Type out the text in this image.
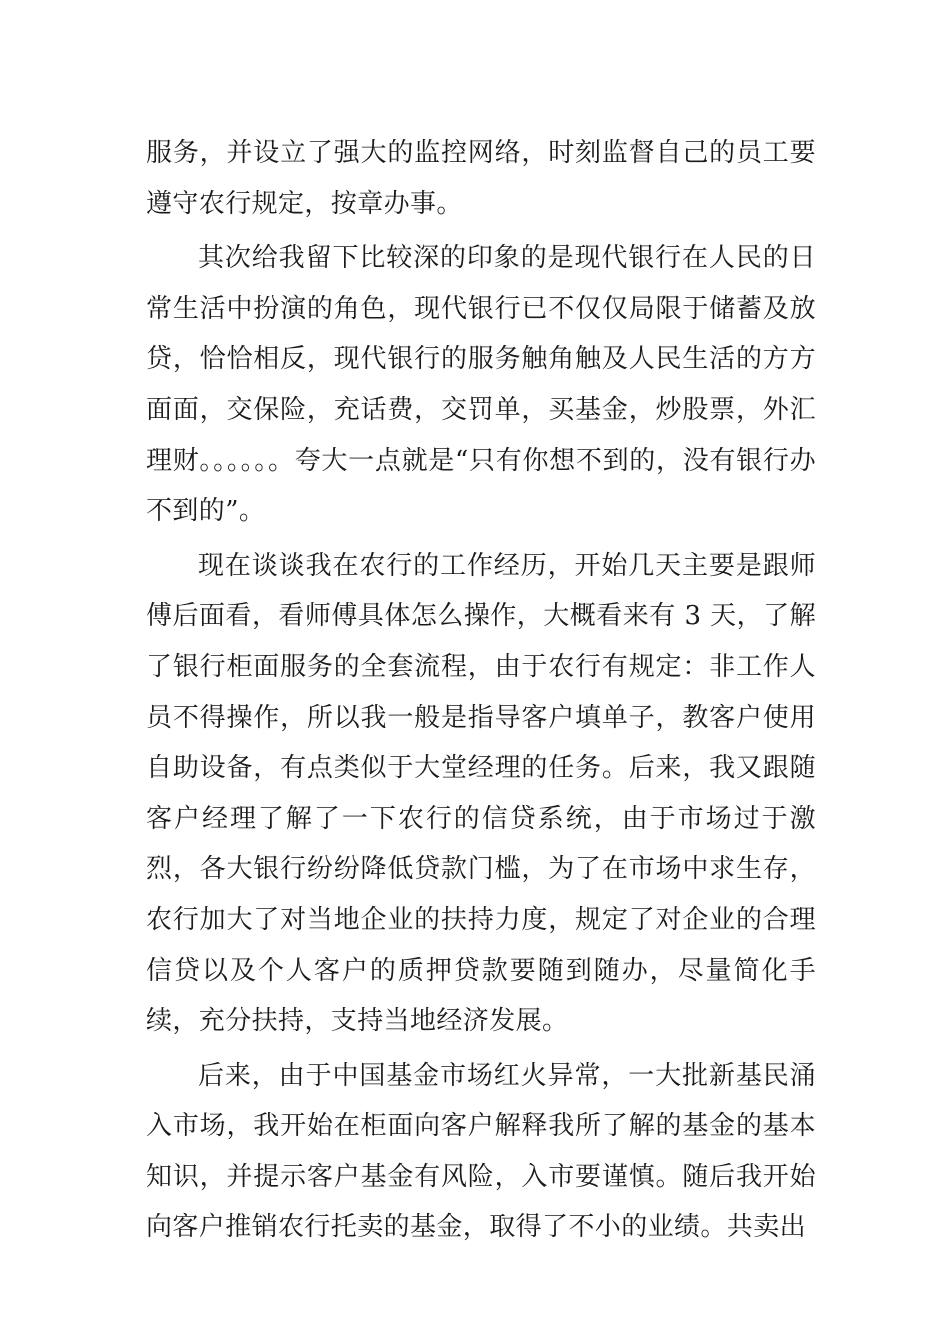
服务，并设立了强大的监控网络，时刻监督自己的员工要遵守农行规定，按章办事。

其次给我留下比较深的印象的是现代银行在人民的日常生活中扮演的角色，现代银行已不仅仅局限于储蓄及放贷，恰恰相反，现代银行的服务触角触及人民生活的方方面面，交保险，充话费，交罚单，买基金，炒股票，外汇理财。。。。。。夸大一点就是“只有你想不到的，没有银行办不到的”。

现在谈谈我在农行的工作经历，开始几天主要是跟师傅后面看，看师傅具体怎么操作，大概看来有 3 天，了解了银行柜面服务的全套流程，由于农行有规定：非工作人员不得操作，所以我一般是指导客户填单子，教客户使用自助设备，有点类似于大堂经理的任务。后来，我又跟随客户经理了解了一下农行的信贷系统，由于市场过于激烈，各大银行纷纷降低贷款门槛，为了在市场中求生存，农行加大了对当地企业的扶持力度，规定了对企业的合理信贷以及个人客户的质押贷款要随到随办，尽量简化手续，充分扶持，支持当地经济发展。

后来，由于中国基金市场红火异常，一大批新基民涌入市场，我开始在柜面向客户解释我所了解的基金的基本知识，并提示客户基金有风险，入市要谨慎。随后我开始向客户推销农行托卖的基金，取得了不小的业绩。共卖出
